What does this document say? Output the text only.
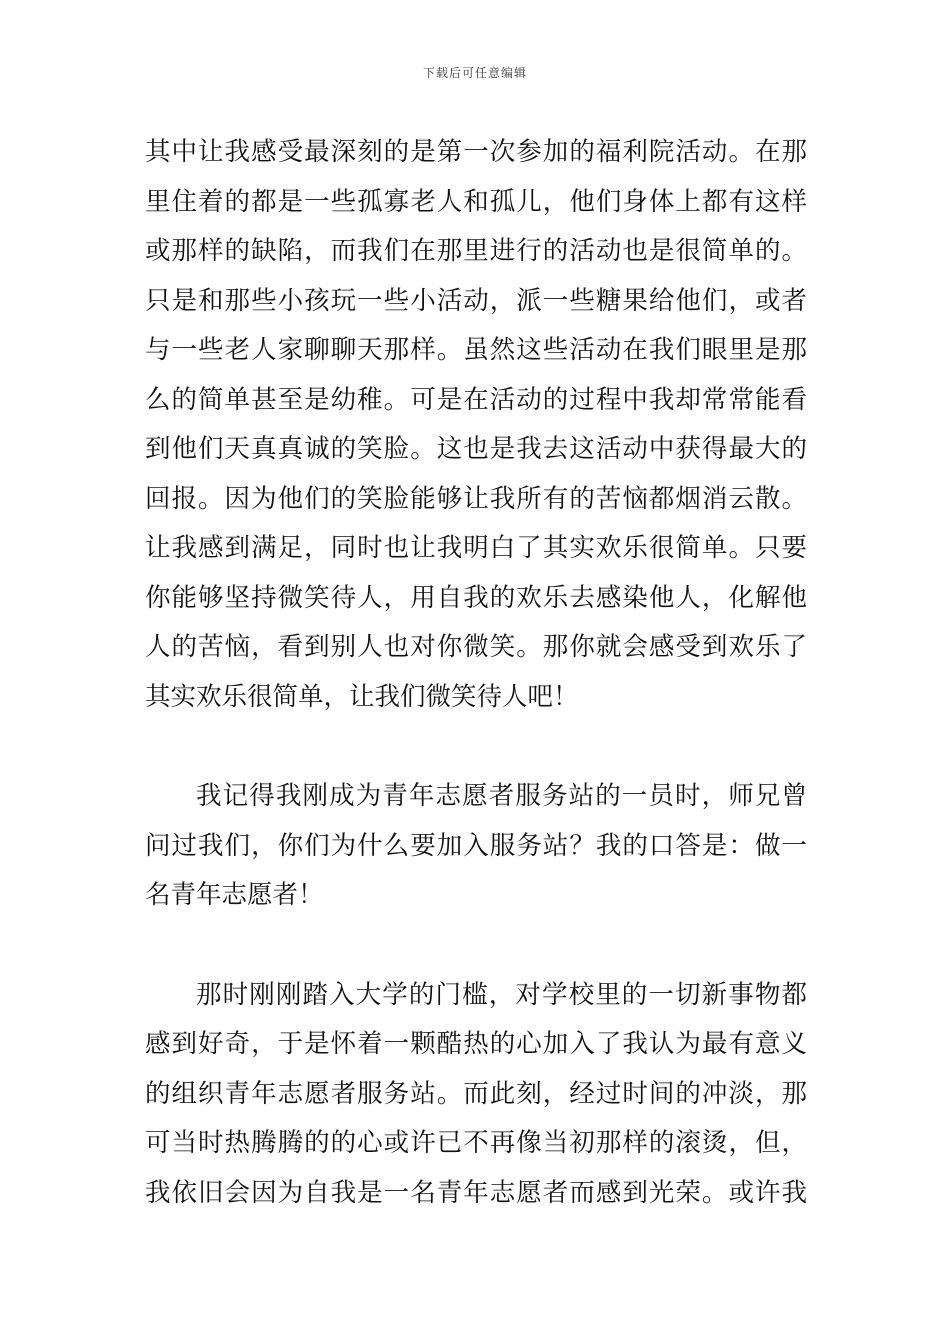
下载后可任意编辑
其中让我感受最深刻的是第一次参加的福利院活动。在那
里住着的都是一些孤寡老人和孤儿，他们身体上都有这样
或那样的缺陷，而我们在那里进行的活动也是很简单的。
只是和那些小孩玩一些小活动，派一些糖果给他们，或者
与一些老人家聊聊天那样。虽然这些活动在我们眼里是那
么的简单甚至是幼稚。可是在活动的过程中我却常常能看
到他们天真真诚的笑脸。这也是我去这活动中获得最大的
回报。因为他们的笑脸能够让我所有的苦恼都烟消云散。
让我感到满足，同时也让我明白了其实欢乐很简单。只要
你能够坚持微笑待人，用自我的欢乐去感染他人，化解他
人的苦恼，看到别人也对你微笑。那你就会感受到欢乐了
其实欢乐很简单，让我们微笑待人吧！
我记得我刚成为青年志愿者服务站的一员时，师兄曾
问过我们，你们为什么要加入服务站？我的口答是：做一
名青年志愿者！
那时刚刚踏入大学的门槛，对学校里的一切新事物都
感到好奇，于是怀着一颗酷热的心加入了我认为最有意义
的组织青年志愿者服务站。而此刻，经过时间的冲淡，那
可当时热腾腾的的心或许已不再像当初那样的滚烫，但，
我依旧会因为自我是一名青年志愿者而感到光荣。或许我
